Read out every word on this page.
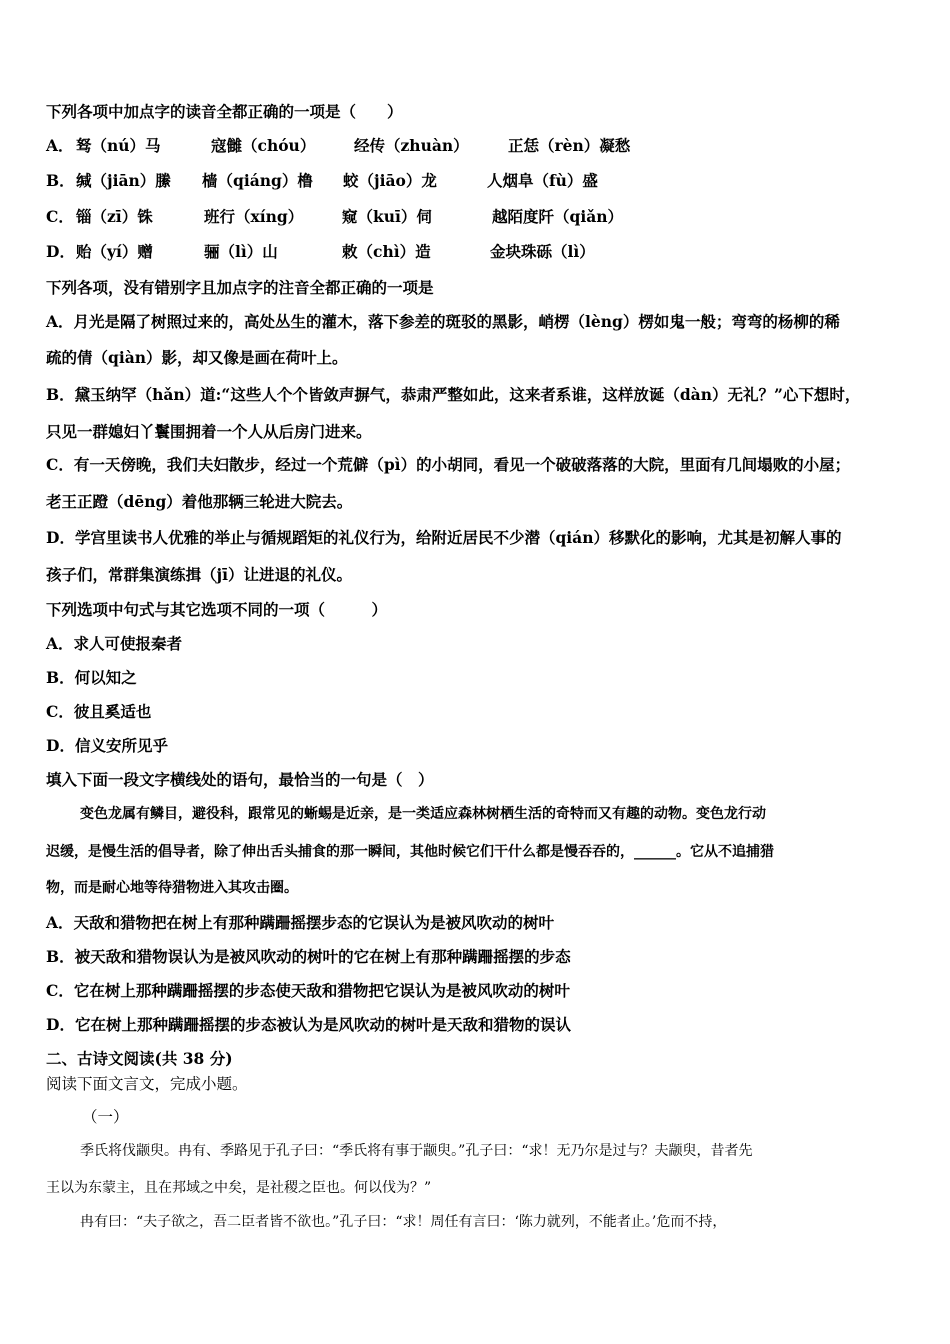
下列各项中加点字的读音全都正确的一项是（　　）
A． 驽（nú）马	寇雠（chóu） 经传（zhuàn）	正恁（rèn）凝愁
B．缄（jiān）縢 樯（qiáng）橹 蛟（jiāo）龙	人烟阜（fù）盛
C． 锱（zī）铢	班行（xíng）	窥（kuī）伺	越陌度阡（qiǎn）
D．贻（yí）赠	骊（lì）山	敕（chì）造	金块珠砾（lì）
下列各项，没有错别字且加点字的注音全都正确的一项是
A．月光是隔了树照过来的，高处丛生的灌木，落下参差的斑驳的黑影，峭楞（lèng）楞如鬼一般；弯弯的杨柳的稀
疏的倩（qiàn）影，却又像是画在荷叶上。
B．黛玉纳罕（hǎn）道:“这些人个个皆敛声摒气，恭肃严整如此，这来者系谁，这样放诞（dàn）无礼？”心下想时，
只见一群媳妇丫鬟围拥着一个人从后房门进来。
C．有一天傍晚，我们夫妇散步，经过一个荒僻（pì）的小胡同，看见一个破破落落的大院，里面有几间塌败的小屋；
老王正蹬（dēng）着他那辆三轮进大院去。
D．学宫里读书人优雅的举止与循规蹈矩的礼仪行为，给附近居民不少潜（qián）移默化的影响，尤其是初解人事的
孩子们，常群集演练揖（jī）让进退的礼仪。
下列选项中句式与其它选项不同的一项（　　　）
A．求人可使报秦者
B．何以知之
C．彼且奚适也
D．信义安所见乎
填入下面一段文字横线处的语句，最恰当的一句是（　）
变色龙属有鳞目，避役科，跟常见的蜥蜴是近亲，是一类适应森林树栖生活的奇特而又有趣的动物。变色龙行动
迟缓，是慢生活的倡导者，除了伸出舌头捕食的那一瞬间，其他时候它们干什么都是慢吞吞的，______。它从不追捕猎
物，而是耐心地等待猎物进入其攻击圈。
A．天敌和猎物把在树上有那种蹒跚摇摆步态的它误认为是被风吹动的树叶
B．被天敌和猎物误认为是被风吹动的树叶的它在树上有那种蹒跚摇摆的步态
C．它在树上那种蹒跚摇摆的步态使天敌和猎物把它误认为是被风吹动的树叶
D．它在树上那种蹒跚摇摆的步态被认为是风吹动的树叶是天敌和猎物的误认
二、古诗文阅读(共 38 分)
阅读下面文言文，完成小题。
（一）
季氏将伐颛臾。冉有、季路见于孔子曰：“季氏将有事于颛臾。”孔子曰：“求！无乃尔是过与？夫颛臾，昔者先
王以为东蒙主，且在邦域之中矣，是社稷之臣也。何以伐为？”
冉有曰：“夫子欲之，吾二臣者皆不欲也。”孔子曰：“求！周任有言曰：‘陈力就列，不能者止。’危而不持，
